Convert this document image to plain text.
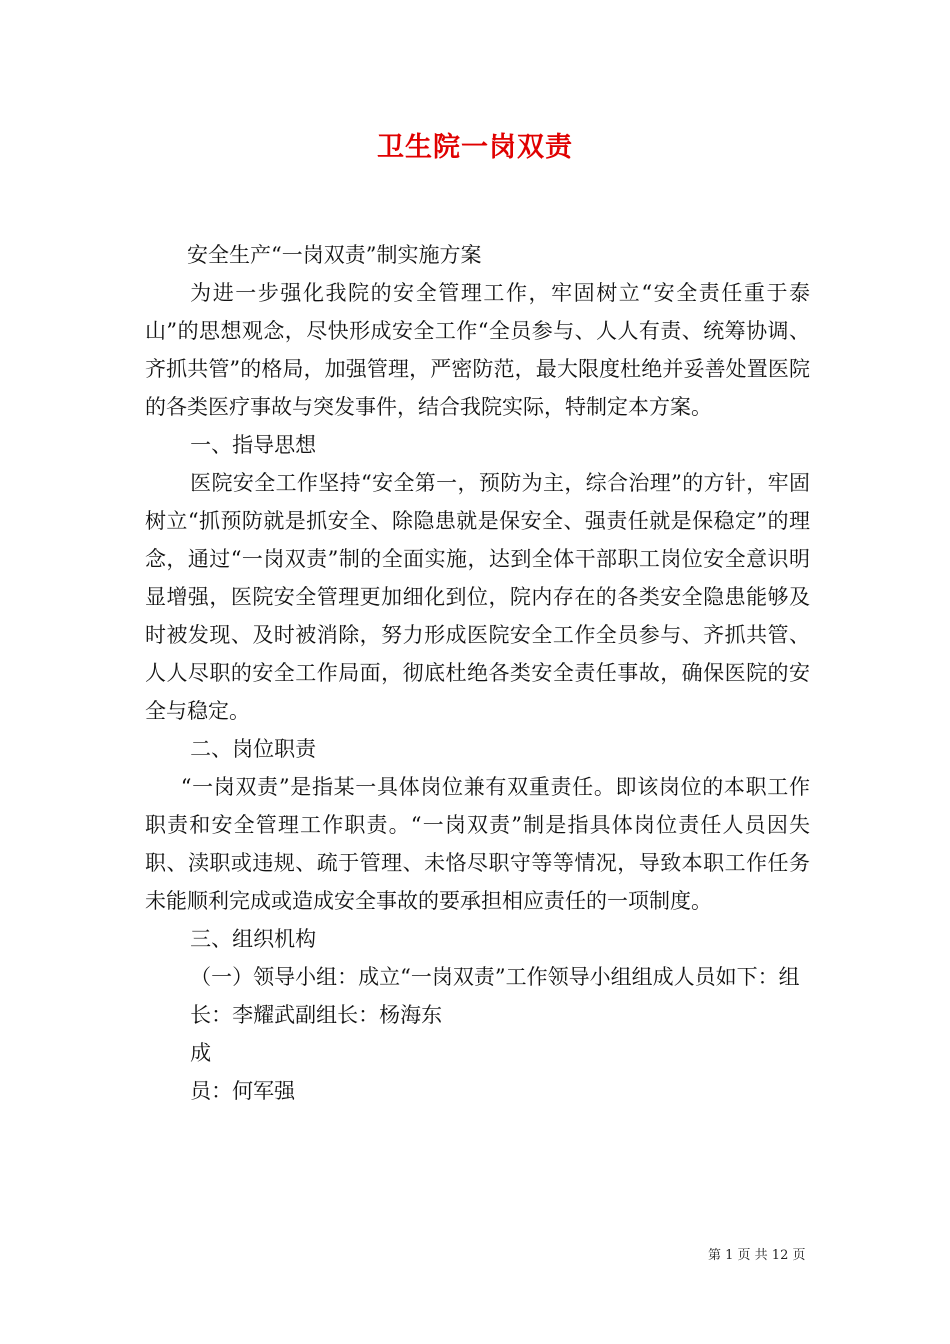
卫生院一岗双责

安全生产“一岗双责”制实施方案

为进一步强化我院的安全管理工作，牢固树立“安全责任重于泰山”的思想观念，尽快形成安全工作“全员参与、人人有责、统筹协调、齐抓共管”的格局，加强管理，严密防范，最大限度杜绝并妥善处置医院的各类医疗事故与突发事件，结合我院实际，特制定本方案。

一、指导思想

医院安全工作坚持“安全第一，预防为主，综合治理”的方针，牢固树立“抓预防就是抓安全、除隐患就是保安全、强责任就是保稳定”的理念，通过“一岗双责”制的全面实施，达到全体干部职工岗位安全意识明显增强，医院安全管理更加细化到位，院内存在的各类安全隐患能够及时被发现、及时被消除，努力形成医院安全工作全员参与、齐抓共管、人人尽职的安全工作局面，彻底杜绝各类安全责任事故，确保医院的安全与稳定。

二、岗位职责

“一岗双责”是指某一具体岗位兼有双重责任。即该岗位的本职工作职责和安全管理工作职责。“一岗双责”制是指具体岗位责任人员因失职、渎职或违规、疏于管理、未恪尽职守等等情况，导致本职工作任务未能顺利完成或造成安全事故的要承担相应责任的一项制度。

三、组织机构

（一）领导小组：成立“一岗双责”工作领导小组组成人员如下：组

长：李耀武副组长：杨海东

成

员：何军强

第 1 页 共 12 页
